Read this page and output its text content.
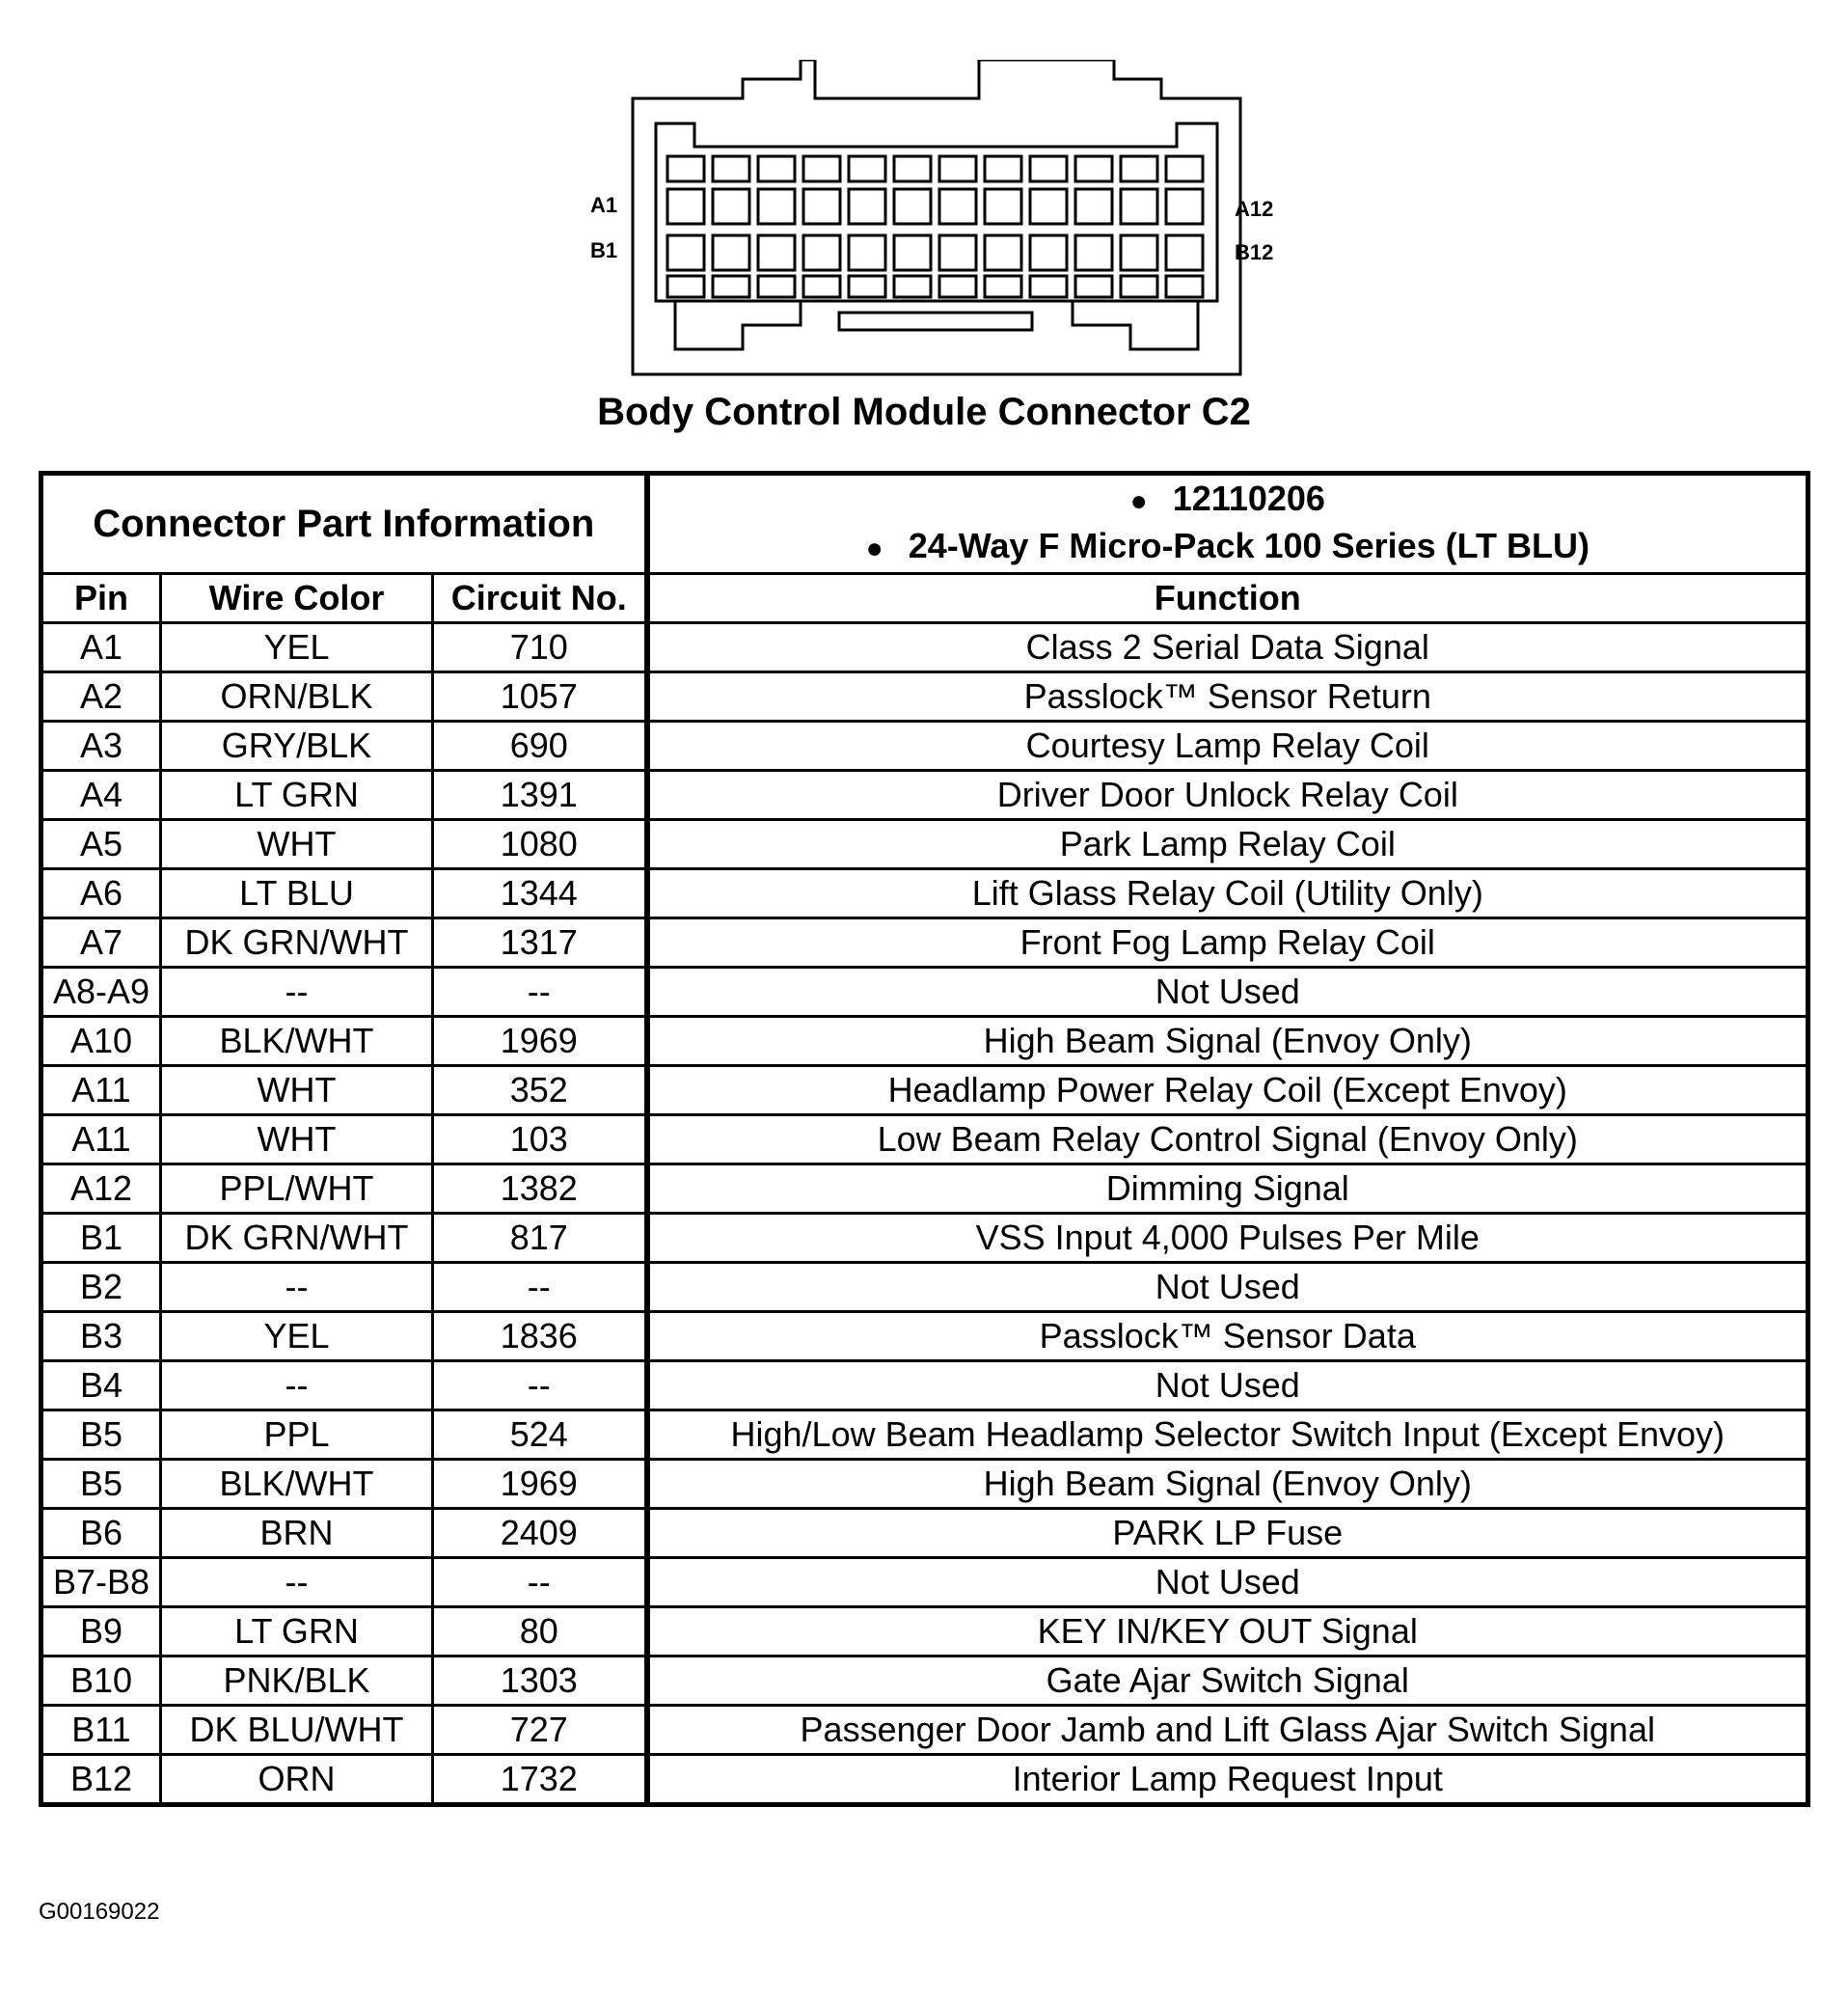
A1
B1
A12
B12
Body Control Module Connector C2
Connector Part Information			● 12110206
● 24-Way F Micro-Pack 100 Series (LT BLU)

Pin	Wire Color	Circuit No.	Function
A1	YEL	710	Class 2 Serial Data Signal
A2	ORN/BLK	1057	Passlock™ Sensor Return
A3	GRY/BLK	690	Courtesy Lamp Relay Coil
A4	LT GRN	1391	Driver Door Unlock Relay Coil
A5	WHT	1080	Park Lamp Relay Coil
A6	LT BLU	1344	Lift Glass Relay Coil (Utility Only)
A7	DK GRN/WHT	1317	Front Fog Lamp Relay Coil
A8-A9	--	--	Not Used
A10	BLK/WHT	1969	High Beam Signal (Envoy Only)
A11	WHT	352	Headlamp Power Relay Coil (Except Envoy)
A11	WHT	103	Low Beam Relay Control Signal (Envoy Only)
A12	PPL/WHT	1382	Dimming Signal
B1	DK GRN/WHT	817	VSS Input 4,000 Pulses Per Mile
B2	--	--	Not Used
B3	YEL	1836	Passlock™ Sensor Data
B4	--	--	Not Used
B5	PPL	524	High/Low Beam Headlamp Selector Switch Input (Except Envoy)
B5	BLK/WHT	1969	High Beam Signal (Envoy Only)
B6	BRN	2409	PARK LP Fuse
B7-B8	--	--	Not Used
B9	LT GRN	80	KEY IN/KEY OUT Signal
B10	PNK/BLK	1303	Gate Ajar Switch Signal
B11	DK BLU/WHT	727	Passenger Door Jamb and Lift Glass Ajar Switch Signal
B12	ORN	1732	Interior Lamp Request Input
G00169022
